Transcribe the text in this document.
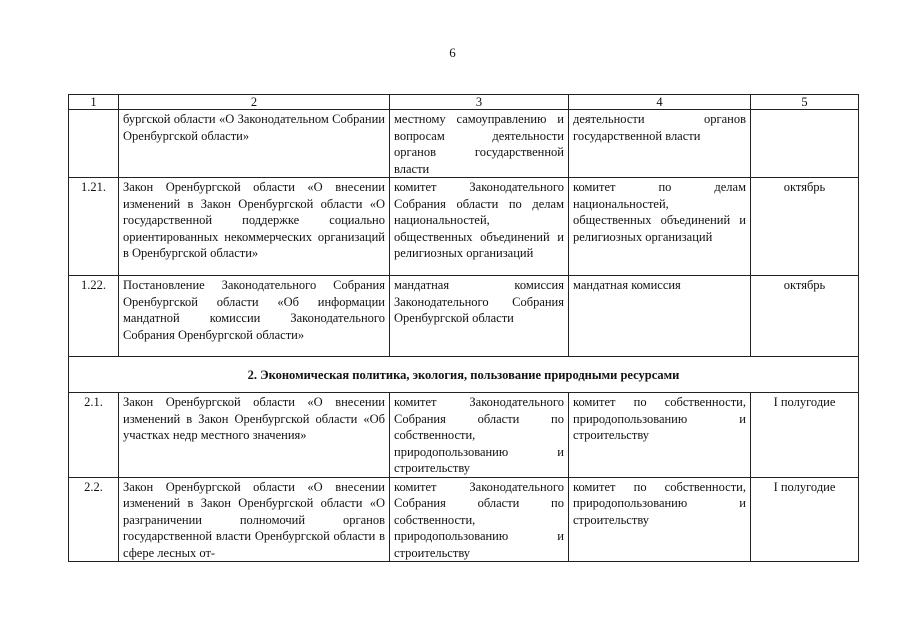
6
1	2	3	4	5
	бургской области «О Законодательном Собрании Оренбургской области»	местному самоуправлению и вопросам деятельности органов государственной власти	деятельности органов государственной власти	
1.21.	Закон Оренбургской области «О внесении изменений в Закон Оренбургской области «О государственной поддержке социально ориентированных некоммерческих организаций в Оренбургской области»	комитет Законодательного Собрания области по делам национальностей, общественных объединений и религиозных организаций	комитет по делам национальностей, общественных объединений и религиозных организаций	октябрь
1.22.	Постановление Законодательного Собрания Оренбургской области «Об информации мандатной комиссии Законодательного Собрания Оренбургской области»	мандатная комиссия Законодательного Собрания Оренбургской области	мандатная комиссия	октябрь
2. Экономическая политика, экология, пользование природными ресурсами				
2.1.	Закон Оренбургской области «О внесении изменений в Закон Оренбургской области «Об участках недр местного значения»	комитет Законодательного Собрания области по собственности, природопользованию и строительству	комитет по собственности, природопользованию и строительству	I полугодие
2.2.	Закон Оренбургской области «О внесении изменений в Закон Оренбургской области «О разграничении полномочий органов государственной власти Оренбургской области в сфере лесных от-	комитет Законодательного Собрания области по собственности, природопользованию и строительству	комитет по собственности, природопользованию и строительству	I полугодие
